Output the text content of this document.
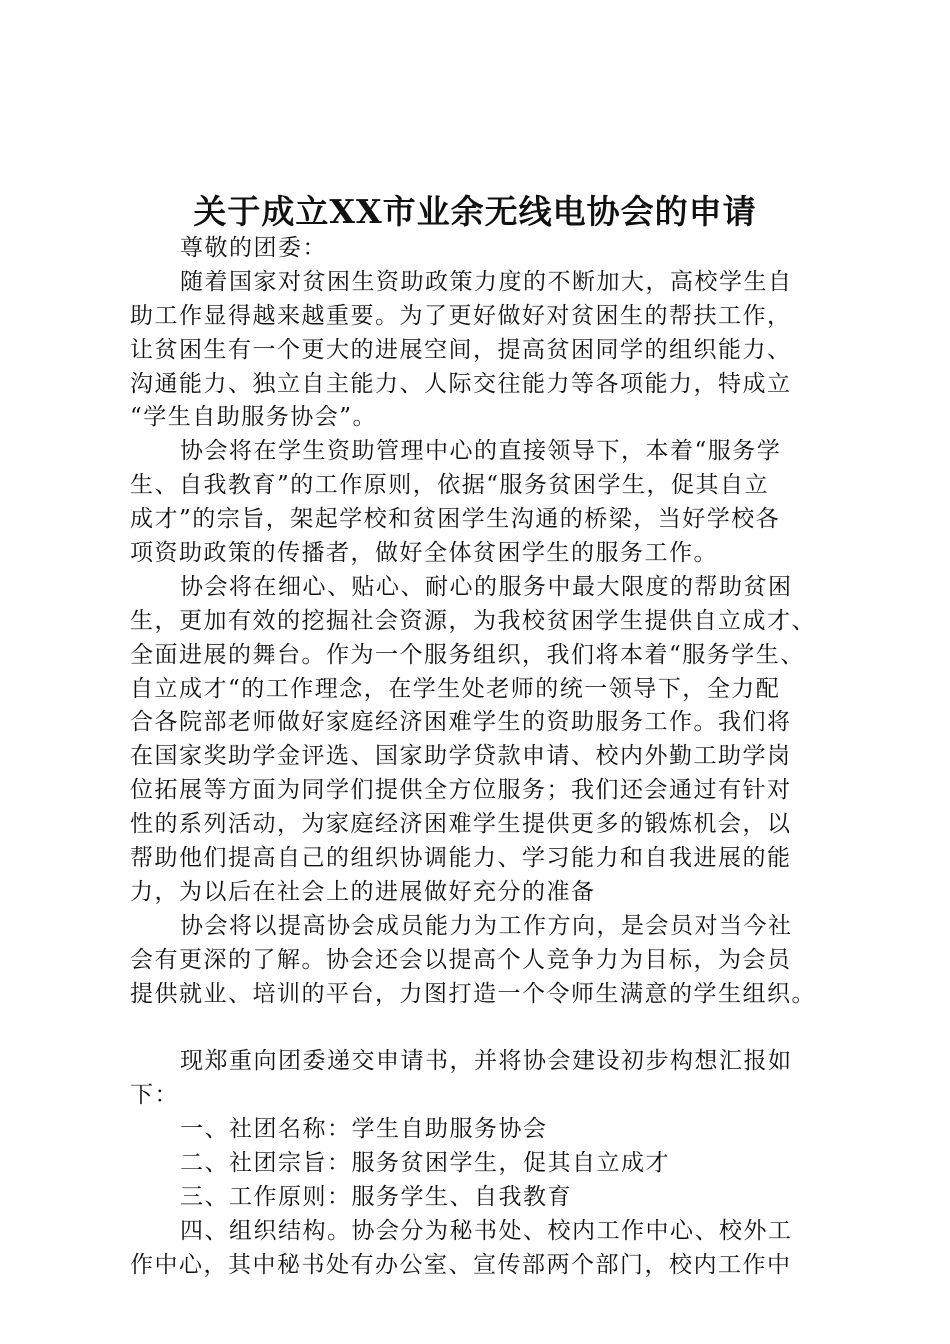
关于成立XX市业余无线电协会的申请
尊敬的团委：
随着国家对贫困生资助政策力度的不断加大，高校学生自
助工作显得越来越重要。为了更好做好对贫困生的帮扶工作，
让贫困生有一个更大的进展空间，提高贫困同学的组织能力、
沟通能力、独立自主能力、人际交往能力等各项能力，特成立
“学生自助服务协会”。
协会将在学生资助管理中心的直接领导下，本着“服务学
生、自我教育”的工作原则，依据“服务贫困学生，促其自立
成才”的宗旨，架起学校和贫困学生沟通的桥梁，当好学校各
项资助政策的传播者，做好全体贫困学生的服务工作。
协会将在细心、贴心、耐心的服务中最大限度的帮助贫困
生，更加有效的挖掘社会资源，为我校贫困学生提供自立成才、
全面进展的舞台。作为一个服务组织，我们将本着“服务学生、
自立成才“的工作理念，在学生处老师的统一领导下，全力配
合各院部老师做好家庭经济困难学生的资助服务工作。我们将
在国家奖助学金评选、国家助学贷款申请、校内外勤工助学岗
位拓展等方面为同学们提供全方位服务；我们还会通过有针对
性的系列活动，为家庭经济困难学生提供更多的锻炼机会，以
帮助他们提高自己的组织协调能力、学习能力和自我进展的能
力，为以后在社会上的进展做好充分的准备
协会将以提高协会成员能力为工作方向，是会员对当今社
会有更深的了解。协会还会以提高个人竞争力为目标，为会员
提供就业、培训的平台，力图打造一个令师生满意的学生组织。
现郑重向团委递交申请书，并将协会建设初步构想汇报如
下：
一、社团名称：学生自助服务协会
二、社团宗旨：服务贫困学生，促其自立成才
三、工作原则：服务学生、自我教育
四、组织结构。协会分为秘书处、校内工作中心、校外工
作中心，其中秘书处有办公室、宣传部两个部门，校内工作中
